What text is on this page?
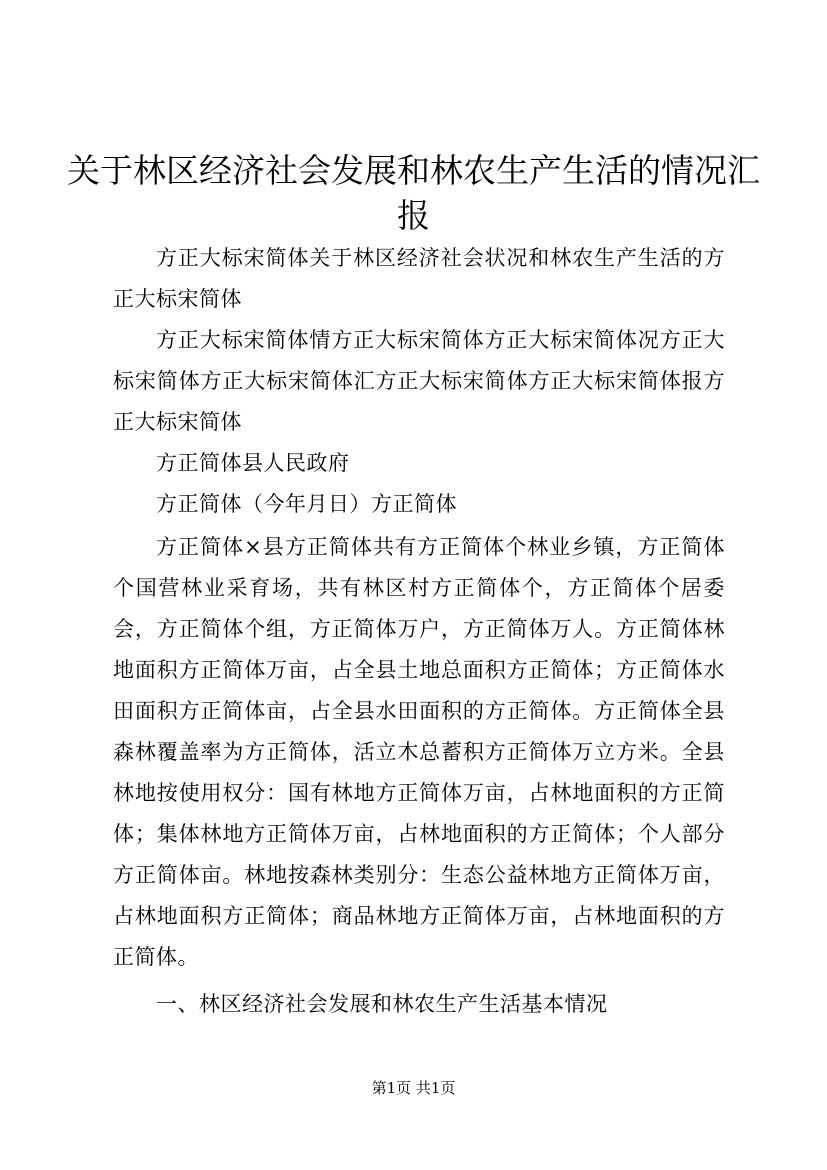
关于林区经济社会发展和林农生产生活的情况汇报

方正大标宋简体关于林区经济社会状况和林农生产生活的方正大标宋简体

方正大标宋简体情方正大标宋简体方正大标宋简体况方正大标宋简体方正大标宋简体汇方正大标宋简体方正大标宋简体报方正大标宋简体

方正简体县人民政府

方正简体（今年月日）方正简体

方正简体×县方正简体共有方正简体个林业乡镇，方正简体个国营林业采育场，共有林区村方正简体个，方正简体个居委会，方正简体个组，方正简体万户，方正简体万人。方正简体林地面积方正简体万亩，占全县土地总面积方正简体；方正简体水田面积方正简体亩，占全县水田面积的方正简体。方正简体全县森林覆盖率为方正简体，活立木总蓄积方正简体万立方米。全县林地按使用权分：国有林地方正简体万亩，占林地面积的方正简体；集体林地方正简体万亩，占林地面积的方正简体；个人部分方正简体亩。林地按森林类别分：生态公益林地方正简体万亩，占林地面积方正简体；商品林地方正简体万亩，占林地面积的方正简体。

一、林区经济社会发展和林农生产生活基本情况

第1页 共1页
